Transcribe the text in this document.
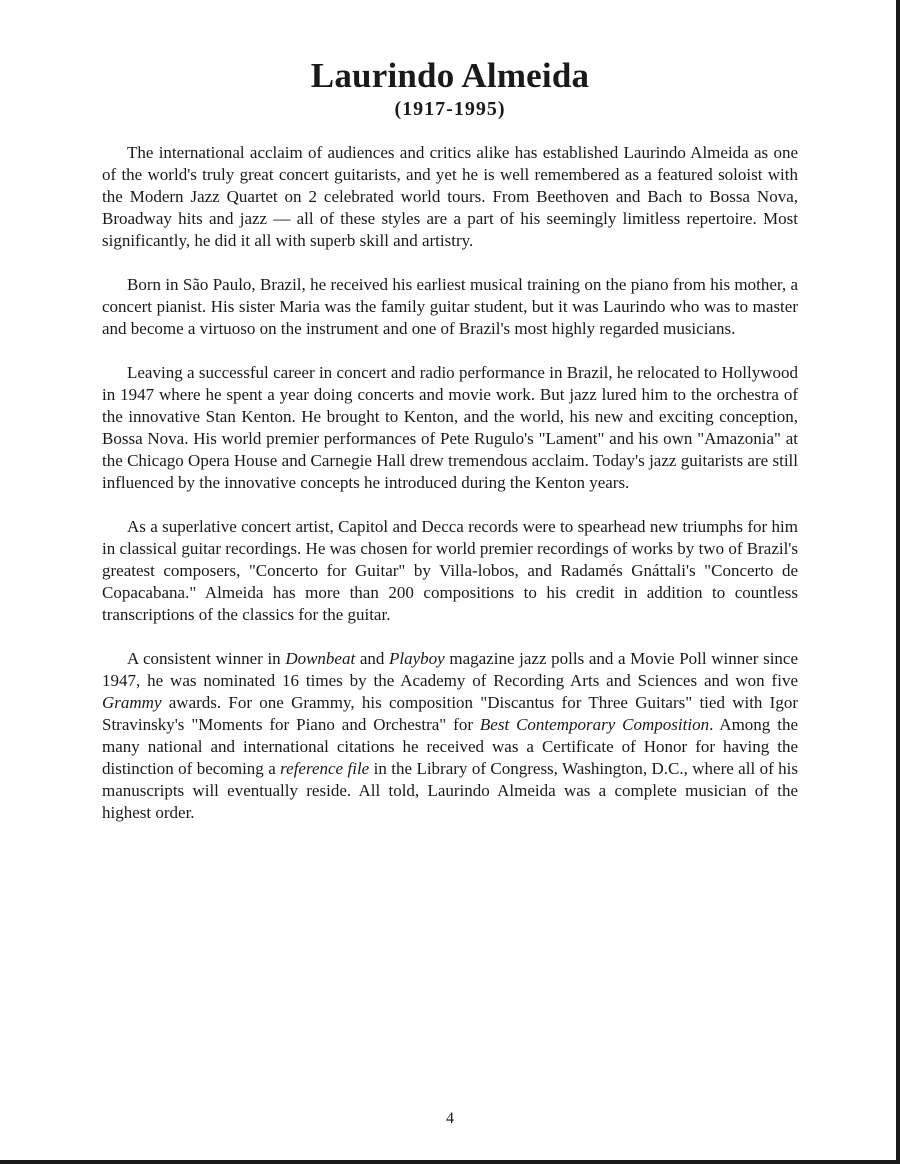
Laurindo Almeida
(1917-1995)

The international acclaim of audiences and critics alike has established Laurindo Almeida as one of the world's truly great concert guitarists, and yet he is well remembered as a featured soloist with the Modern Jazz Quartet on 2 celebrated world tours. From Beethoven and Bach to Bossa Nova, Broadway hits and jazz — all of these styles are a part of his seemingly limitless repertoire. Most significantly, he did it all with superb skill and artistry.

Born in São Paulo, Brazil, he received his earliest musical training on the piano from his mother, a concert pianist. His sister Maria was the family guitar student, but it was Laurindo who was to master and become a virtuoso on the instrument and one of Brazil's most highly regarded musicians.

Leaving a successful career in concert and radio performance in Brazil, he relocated to Hollywood in 1947 where he spent a year doing concerts and movie work. But jazz lured him to the orchestra of the innovative Stan Kenton. He brought to Kenton, and the world, his new and exciting conception, Bossa Nova. His world premier performances of Pete Rugulo's "Lament" and his own "Amazonia" at the Chicago Opera House and Carnegie Hall drew tremendous acclaim. Today's jazz guitarists are still influenced by the innovative concepts he introduced during the Kenton years.

As a superlative concert artist, Capitol and Decca records were to spearhead new triumphs for him in classical guitar recordings. He was chosen for world premier recordings of works by two of Brazil's greatest composers, "Concerto for Guitar" by Villa-lobos, and Radamés Gnáttali's "Concerto de Copacabana." Almeida has more than 200 compositions to his credit in addition to countless transcriptions of the classics for the guitar.

A consistent winner in Downbeat and Playboy magazine jazz polls and a Movie Poll winner since 1947, he was nominated 16 times by the Academy of Recording Arts and Sciences and won five Grammy awards. For one Grammy, his composition "Discantus for Three Guitars" tied with Igor Stravinsky's "Moments for Piano and Orchestra" for Best Contemporary Composition. Among the many national and international citations he received was a Certificate of Honor for having the distinction of becoming a reference file in the Library of Congress, Washington, D.C., where all of his manuscripts will eventually reside. All told, Laurindo Almeida was a complete musician of the highest order.

4
